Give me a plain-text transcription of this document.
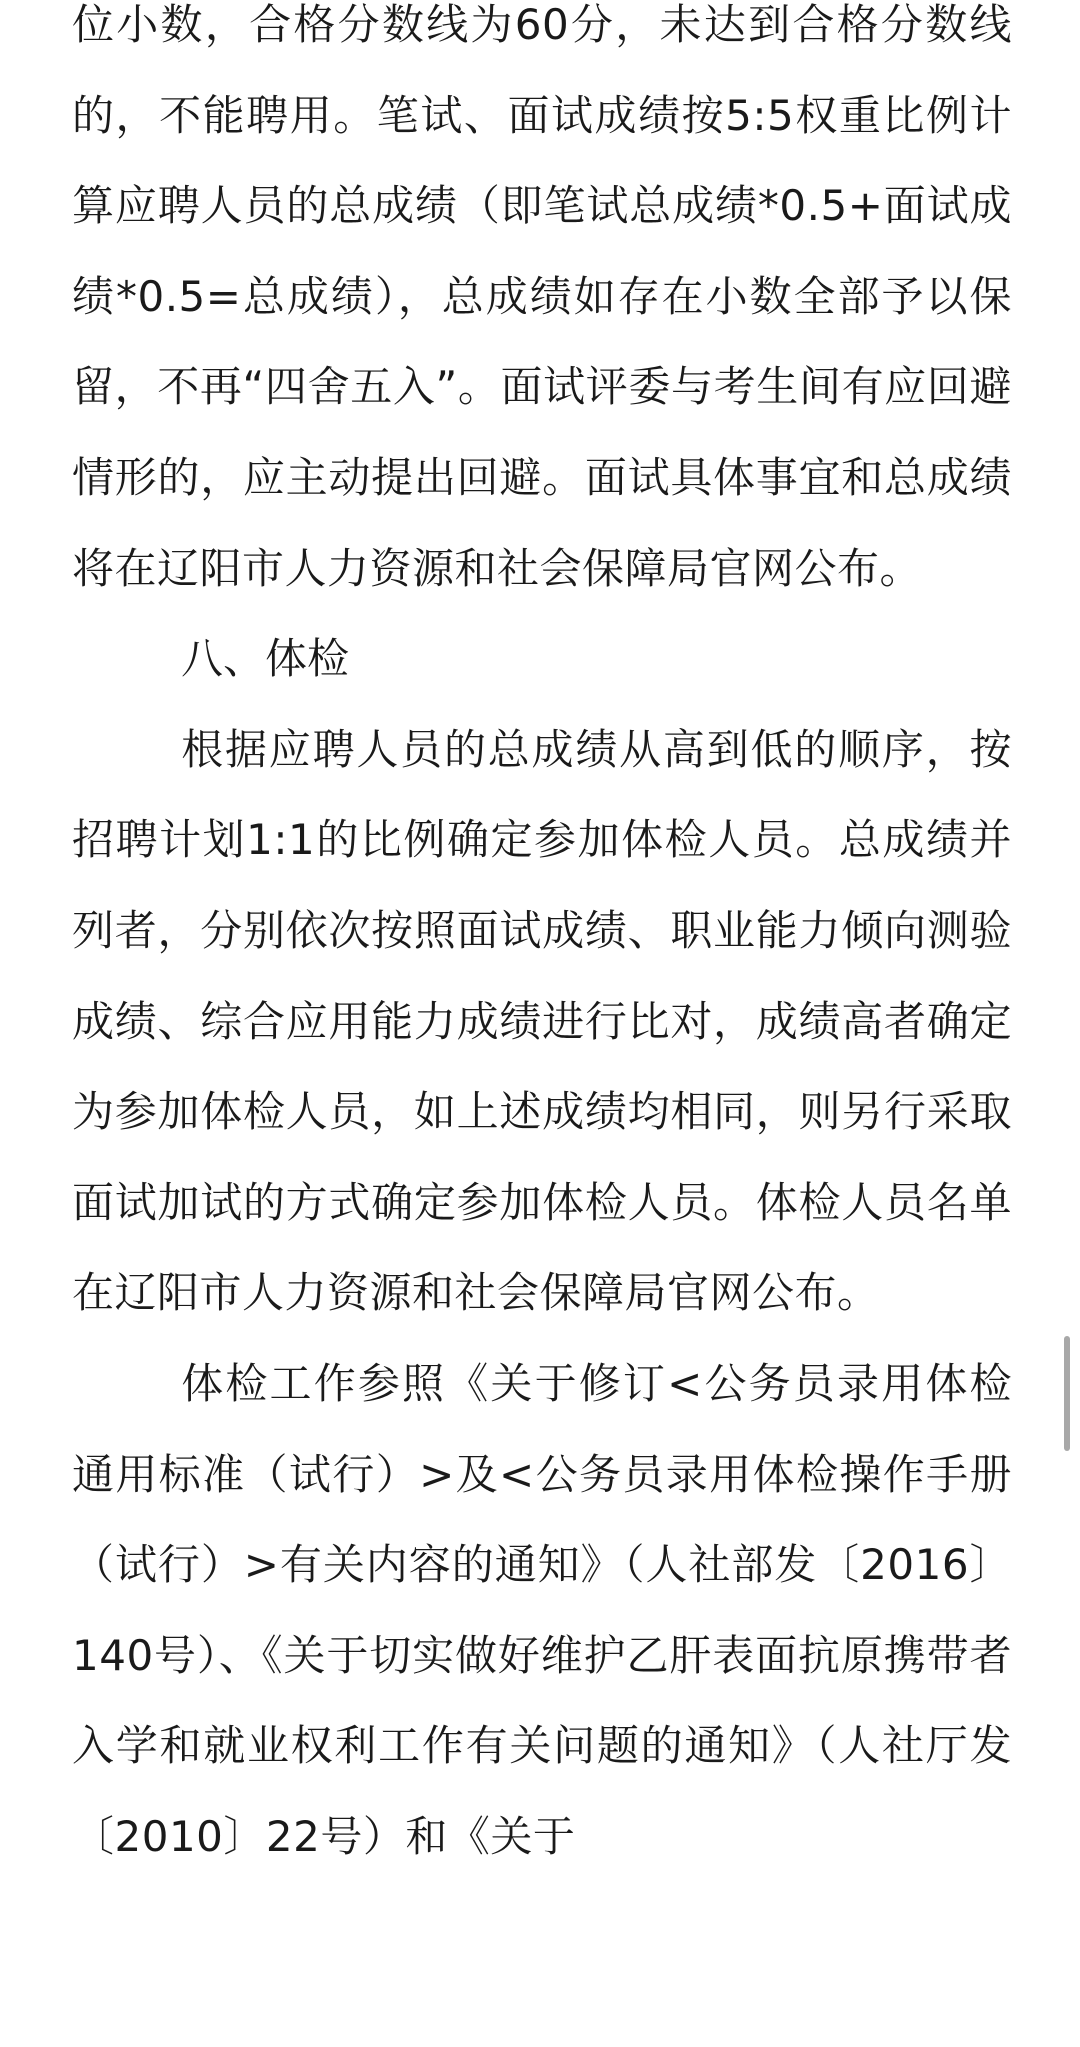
位小数，合格分数线为60分，未达到合格分数线的，不能聘用。笔试、面试成绩按5:5权重比例计算应聘人员的总成绩（即笔试总成绩*0.5+面试成绩*0.5=总成绩），总成绩如存在小数全部予以保留，不再“四舍五入”。面试评委与考生间有应回避情形的，应主动提出回避。面试具体事宜和总成绩将在辽阳市人力资源和社会保障局官网公布。

八、体检

根据应聘人员的总成绩从高到低的顺序，按招聘计划1:1的比例确定参加体检人员。总成绩并列者，分别依次按照面试成绩、职业能力倾向测验成绩、综合应用能力成绩进行比对，成绩高者确定为参加体检人员，如上述成绩均相同，则另行采取面试加试的方式确定参加体检人员。体检人员名单在辽阳市人力资源和社会保障局官网公布。

体检工作参照《关于修订<公务员录用体检通用标准（试行）>及<公务员录用体检操作手册（试行）>有关内容的通知》（人社部发〔2016〕140号）、《关于切实做好维护乙肝表面抗原携带者入学和就业权利工作有关问题的通知》（人社厅发〔2010〕22号）和《关于
